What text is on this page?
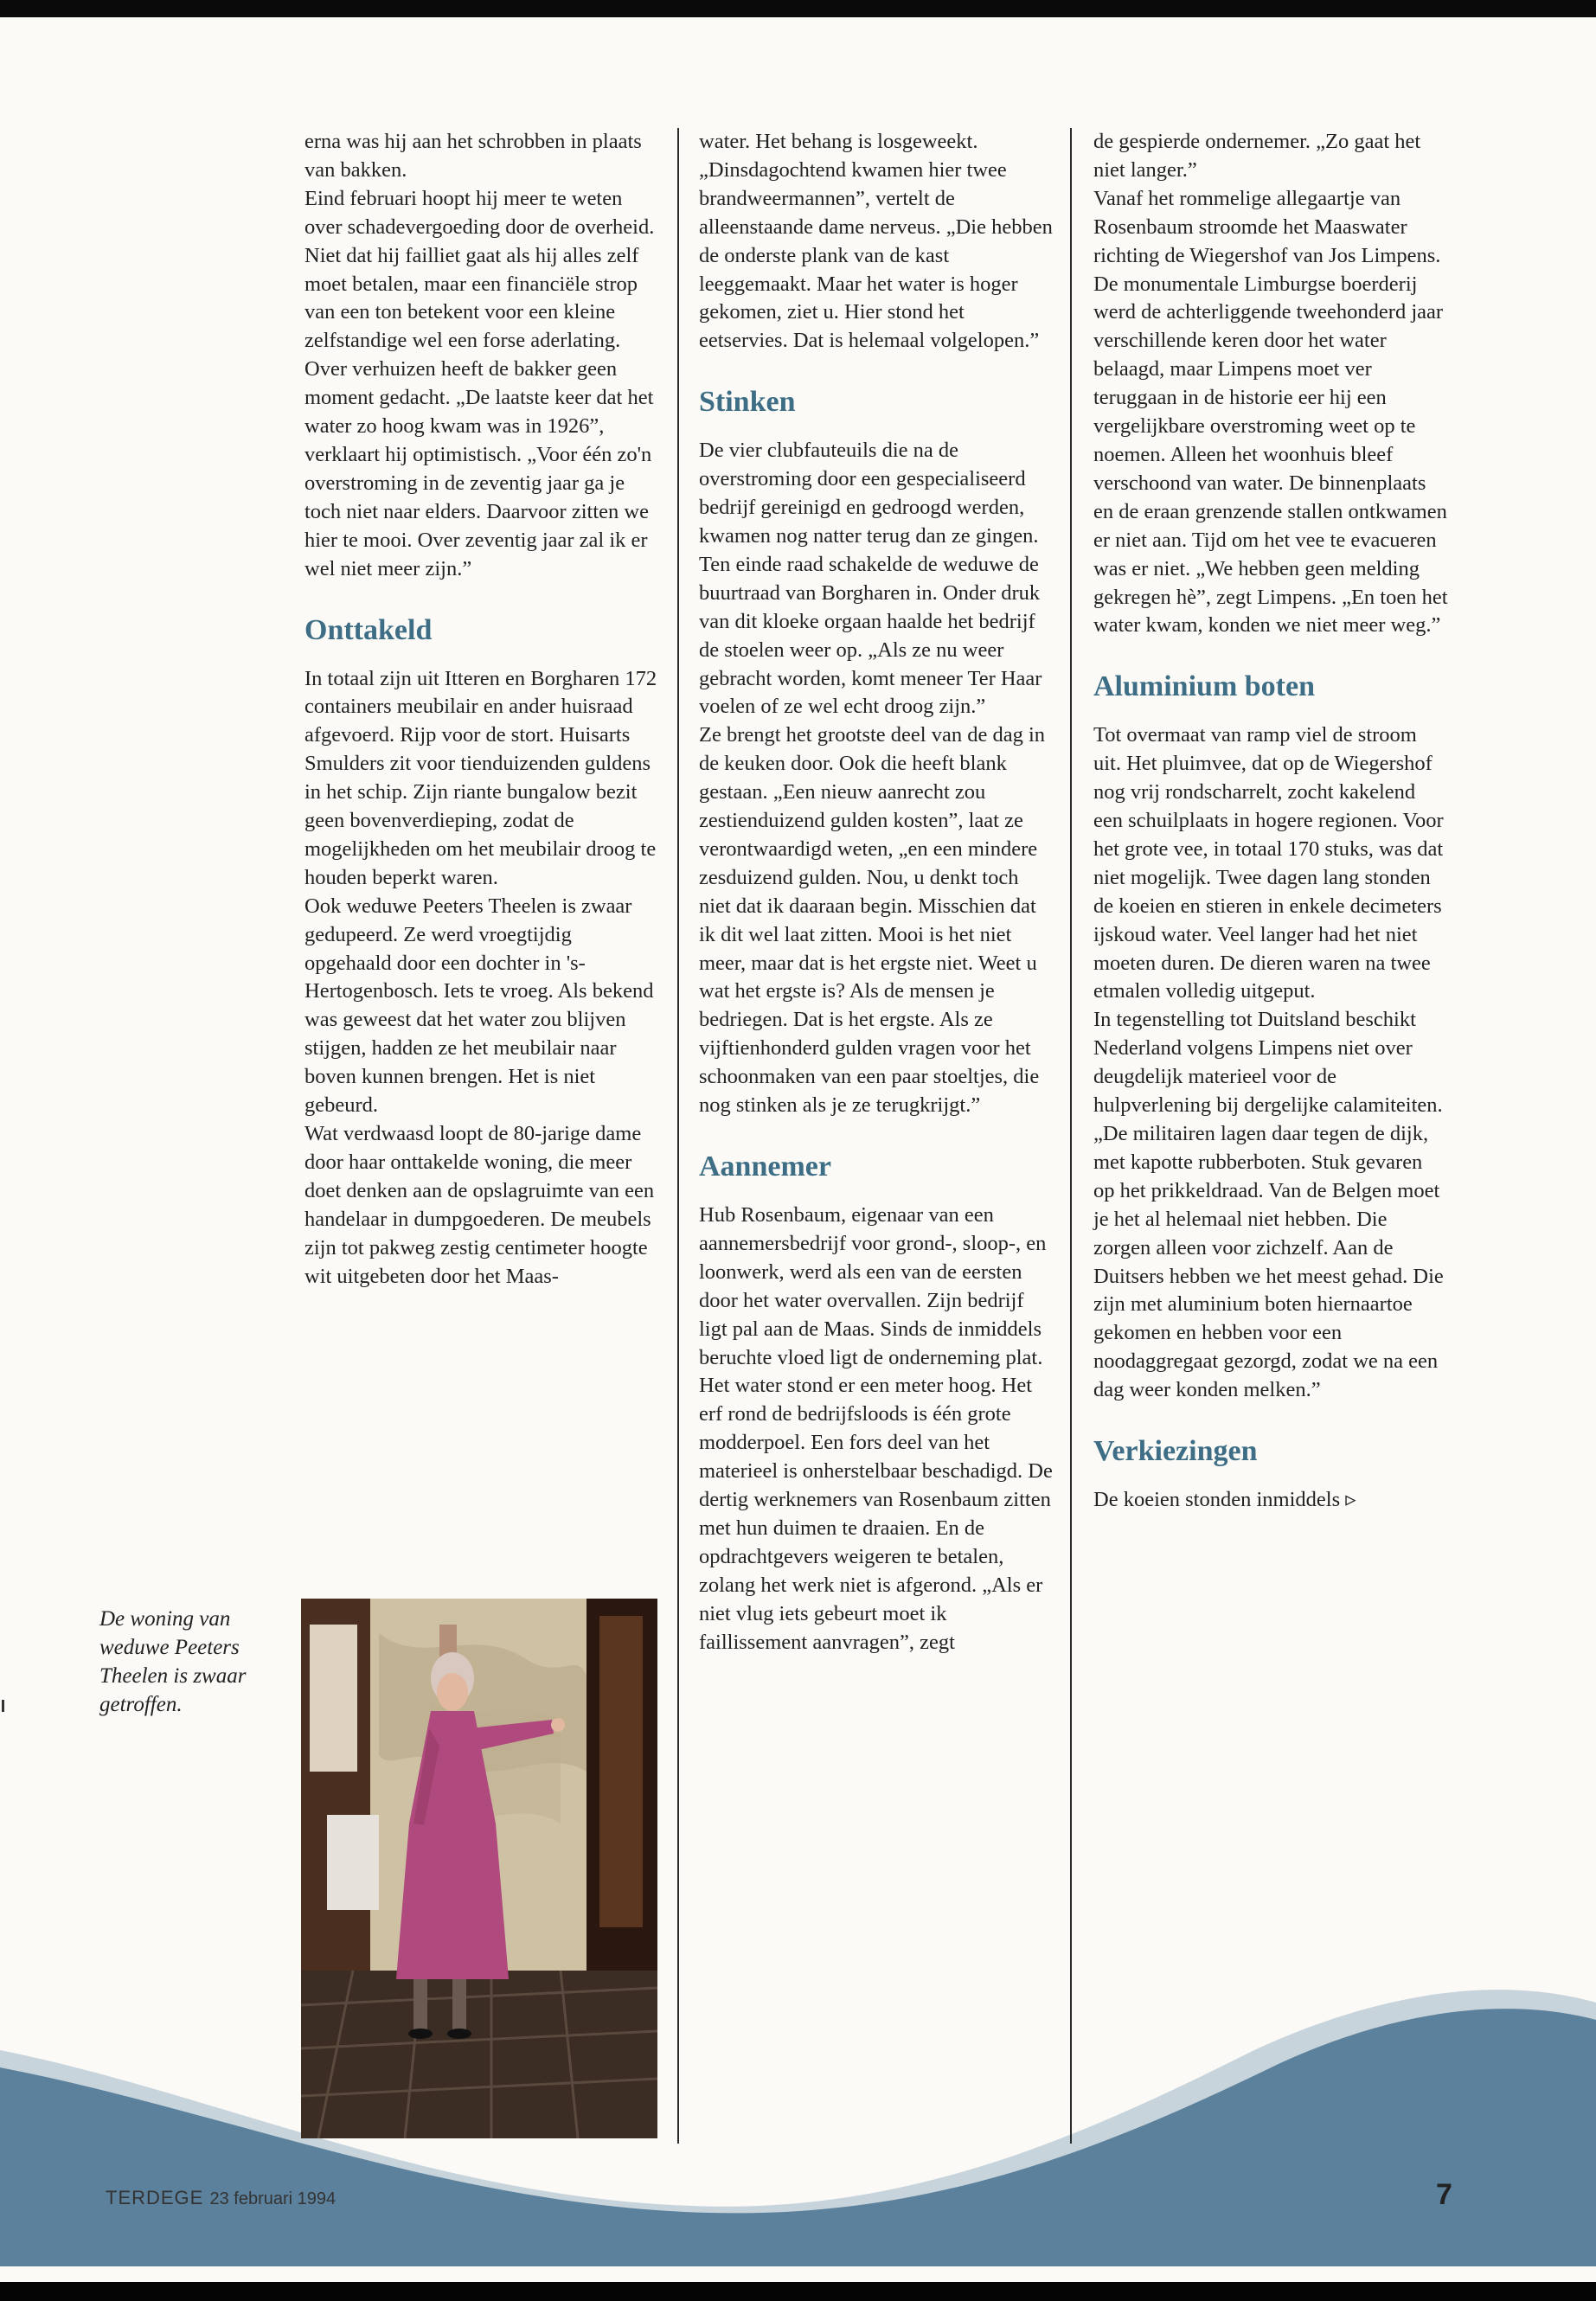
erna was hij aan het schrobben in plaats van bakken.

Eind februari hoopt hij meer te weten over schadevergoeding door de overheid. Niet dat hij failliet gaat als hij alles zelf moet betalen, maar een financiële strop van een ton betekent voor een kleine zelfstandige wel een forse aderlating.

Over verhuizen heeft de bakker geen moment gedacht. „De laatste keer dat het water zo hoog kwam was in 1926”, verklaart hij optimistisch. „Voor één zo'n overstroming in de zeventig jaar ga je toch niet naar elders. Daarvoor zitten we hier te mooi. Over zeventig jaar zal ik er wel niet meer zijn.”

Onttakeld

In totaal zijn uit Itteren en Borgharen 172 containers meubilair en ander huisraad afgevoerd. Rijp voor de stort. Huisarts Smulders zit voor tienduizenden guldens in het schip. Zijn riante bungalow bezit geen bovenverdieping, zodat de mogelijkheden om het meubilair droog te houden beperkt waren.

Ook weduwe Peeters Theelen is zwaar gedupeerd. Ze werd vroegtijdig opgehaald door een dochter in 's-Hertogenbosch. Iets te vroeg. Als bekend was geweest dat het water zou blijven stijgen, hadden ze het meubilair naar boven kunnen brengen. Het is niet gebeurd.

Wat verdwaasd loopt de 80-jarige dame door haar onttakelde woning, die meer doet denken aan de opslagruimte van een handelaar in dumpgoederen. De meubels zijn tot pakweg zestig centimeter hoogte wit uitgebeten door het Maas-

water. Het behang is losgeweekt. „Dinsdagochtend kwamen hier twee brandweermannen”, vertelt de alleenstaande dame nerveus. „Die hebben de onderste plank van de kast leeggemaakt. Maar het water is hoger gekomen, ziet u. Hier stond het eetservies. Dat is helemaal volgelopen.”

Stinken

De vier clubfauteuils die na de overstroming door een gespecialiseerd bedrijf gereinigd en gedroogd werden, kwamen nog natter terug dan ze gingen. Ten einde raad schakelde de weduwe de buurtraad van Borgharen in. Onder druk van dit kloeke orgaan haalde het bedrijf de stoelen weer op. „Als ze nu weer gebracht worden, komt meneer Ter Haar voelen of ze wel echt droog zijn.”

Ze brengt het grootste deel van de dag in de keuken door. Ook die heeft blank gestaan. „Een nieuw aanrecht zou zestienduizend gulden kosten”, laat ze verontwaardigd weten, „en een mindere zesduizend gulden. Nou, u denkt toch niet dat ik daaraan begin. Misschien dat ik dit wel laat zitten. Mooi is het niet meer, maar dat is het ergste niet. Weet u wat het ergste is? Als de mensen je bedriegen. Dat is het ergste. Als ze vijftienhonderd gulden vragen voor het schoonmaken van een paar stoeltjes, die nog stinken als je ze terugkrijgt.”

Aannemer

Hub Rosenbaum, eigenaar van een aannemersbedrijf voor grond-, sloop-, en loonwerk, werd als een van de eersten door het water overvallen. Zijn bedrijf ligt pal aan de Maas. Sinds de inmiddels beruchte vloed ligt de onderneming plat. Het water stond er een meter hoog. Het erf rond de bedrijfsloods is één grote modderpoel. Een fors deel van het materieel is onherstelbaar beschadigd. De dertig werknemers van Rosenbaum zitten met hun duimen te draaien. En de opdrachtgevers weigeren te betalen, zolang het werk niet is afgerond. „Als er niet vlug iets gebeurt moet ik faillissement aanvragen”, zegt

de gespierde ondernemer. „Zo gaat het niet langer.”

Vanaf het rommelige allegaartje van Rosenbaum stroomde het Maaswater richting de Wiegershof van Jos Limpens. De monumentale Limburgse boerderij werd de achterliggende tweehonderd jaar verschillende keren door het water belaagd, maar Limpens moet ver teruggaan in de historie eer hij een vergelijkbare overstroming weet op te noemen. Alleen het woonhuis bleef verschoond van water. De binnenplaats en de eraan grenzende stallen ontkwamen er niet aan. Tijd om het vee te evacueren was er niet. „We hebben geen melding gekregen hè”, zegt Limpens. „En toen het water kwam, konden we niet meer weg.”

Aluminium boten

Tot overmaat van ramp viel de stroom uit. Het pluimvee, dat op de Wiegershof nog vrij rondscharrelt, zocht kakelend een schuilplaats in hogere regionen. Voor het grote vee, in totaal 170 stuks, was dat niet mogelijk. Twee dagen lang stonden de koeien en stieren in enkele decimeters ijskoud water. Veel langer had het niet moeten duren. De dieren waren na twee etmalen volledig uitgeput.

In tegenstelling tot Duitsland beschikt Nederland volgens Limpens niet over deugdelijk materieel voor de hulpverlening bij dergelijke calamiteiten. „De militairen lagen daar tegen de dijk, met kapotte rubberboten. Stuk gevaren op het prikkeldraad. Van de Belgen moet je het al helemaal niet hebben. Die zorgen alleen voor zichzelf. Aan de Duitsers hebben we het meest gehad. Die zijn met aluminium boten hiernaartoe gekomen en hebben voor een noodaggregaat gezorgd, zodat we na een dag weer konden melken.”

Verkiezingen

De koeien stonden inmiddels ▹

De woning van weduwe Peeters Theelen is zwaar getroffen.
TERDEGE 23 februari 1994	7
